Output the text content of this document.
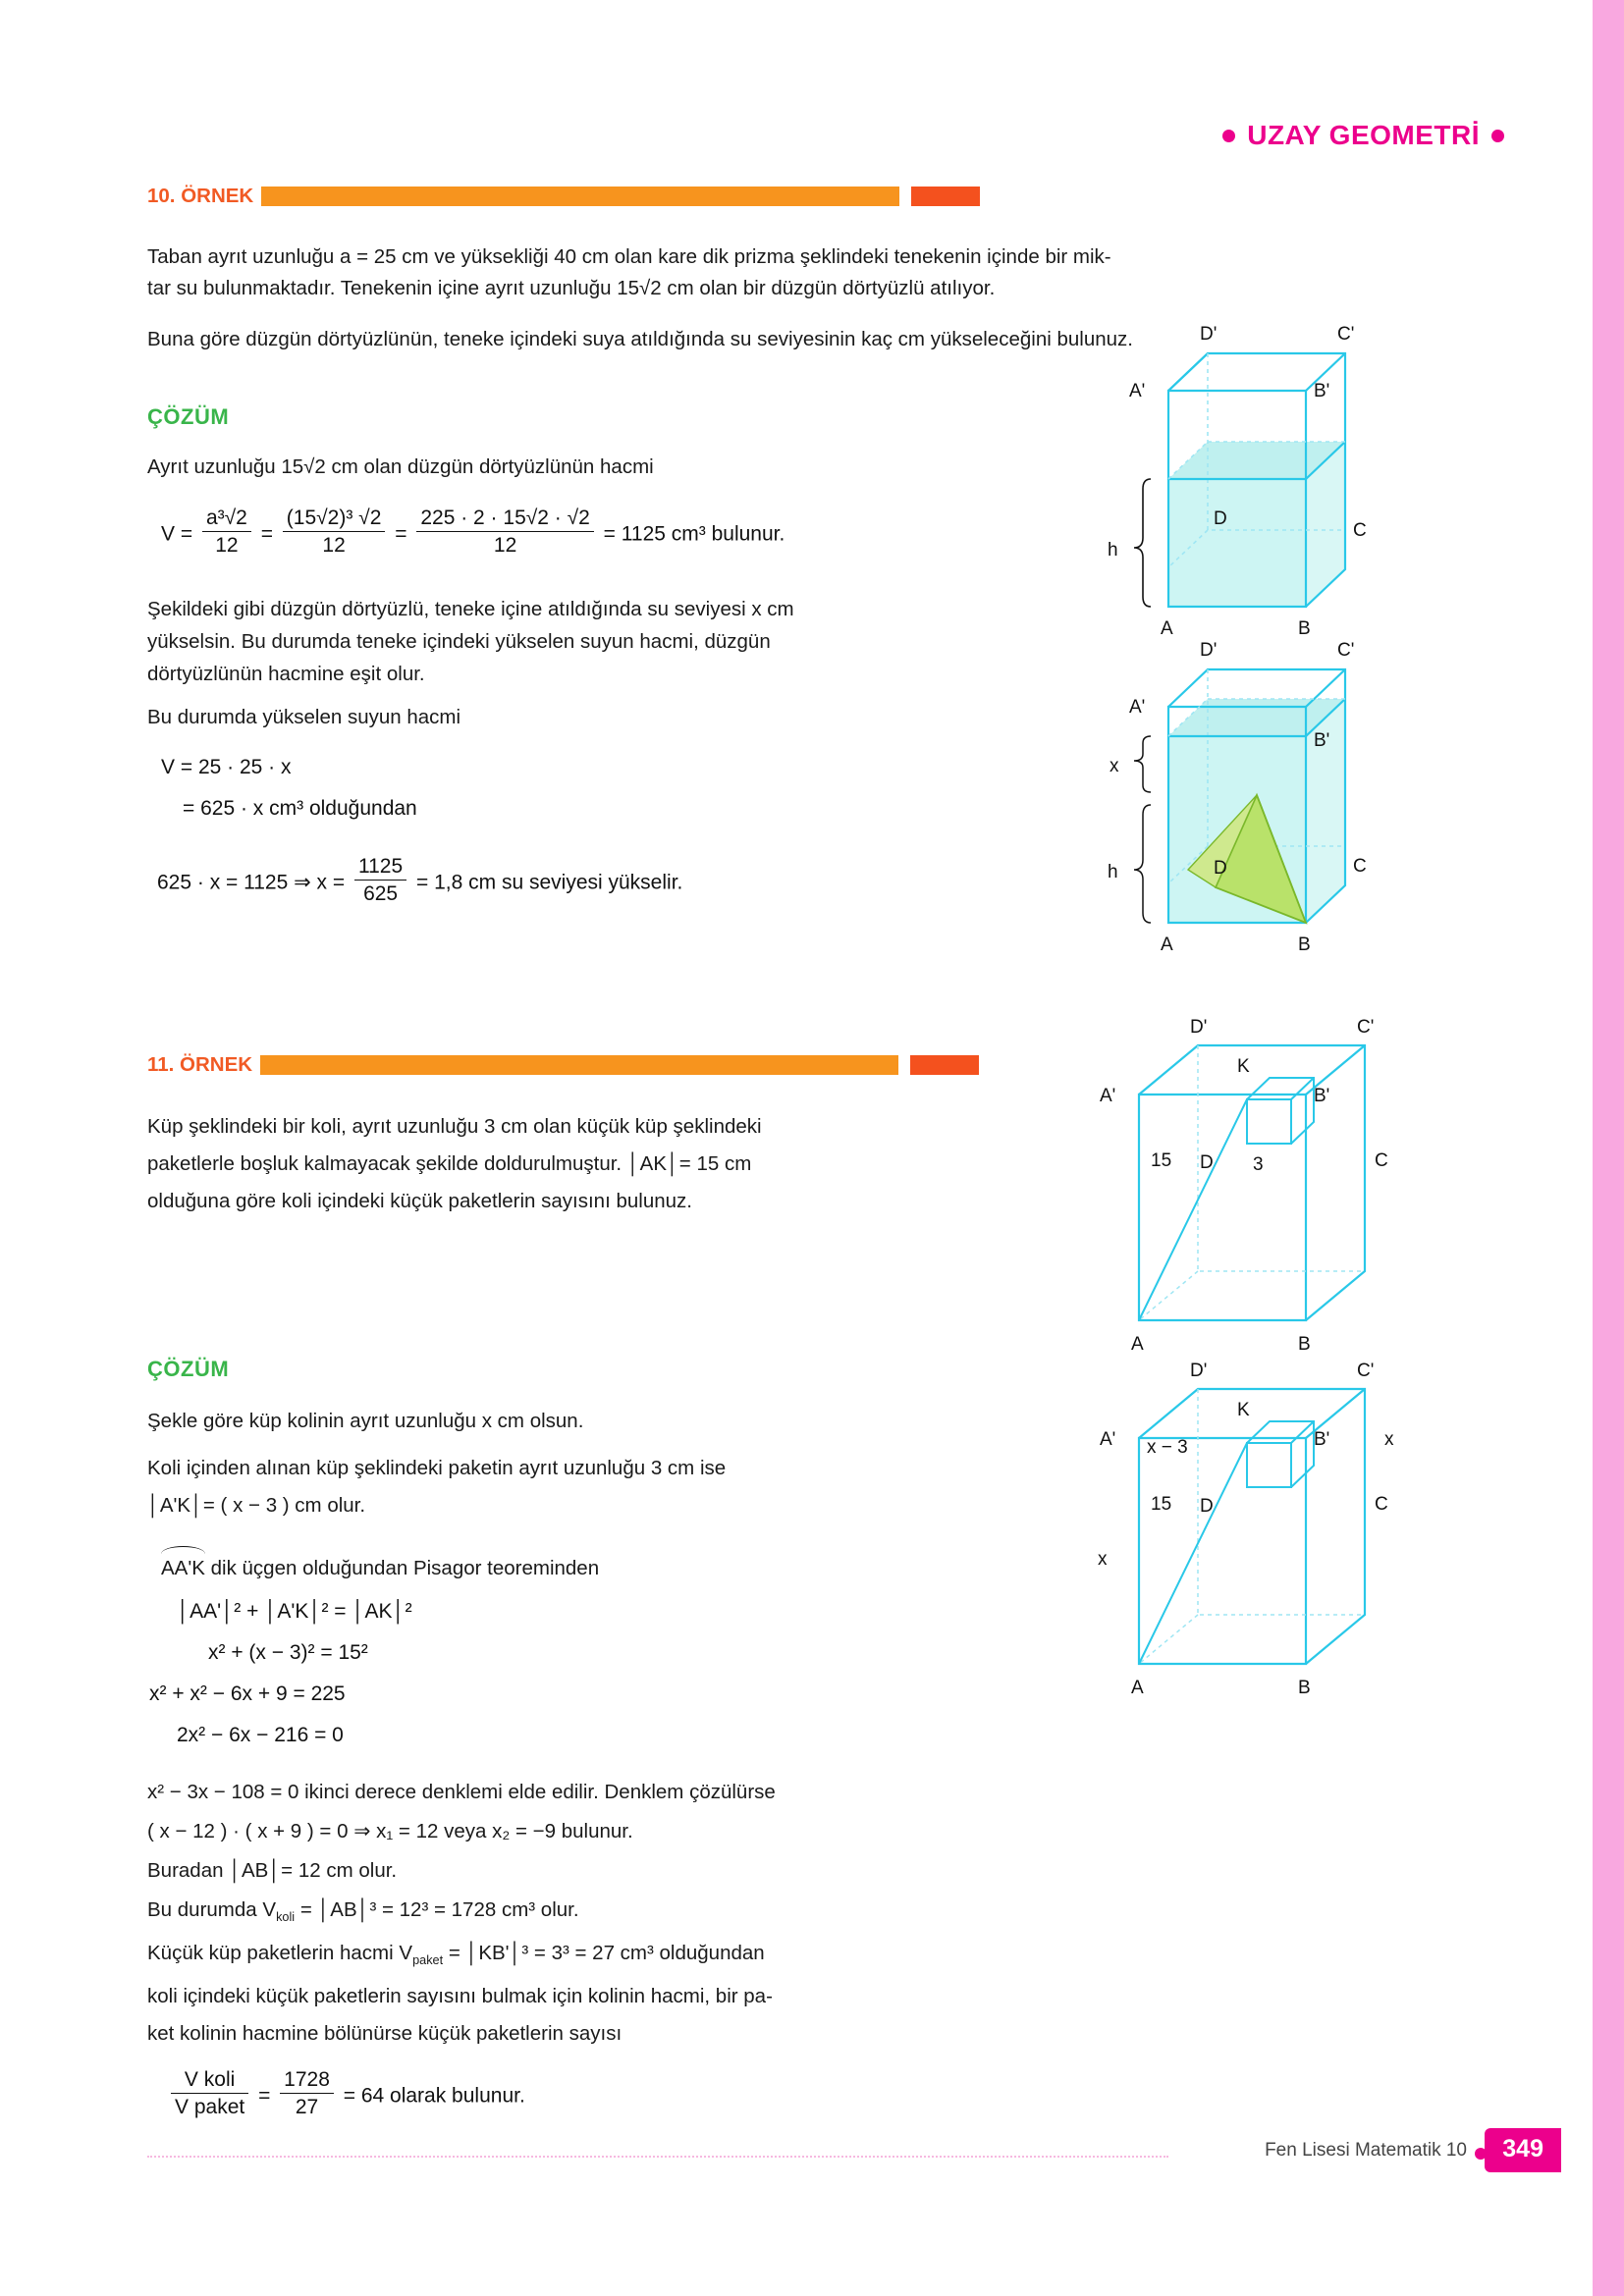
UZAY GEOMETRİ
10. ÖRNEK
Taban ayrıt uzunluğu a = 25 cm ve yüksekliği 40 cm olan kare dik prizma şeklindeki tenekenin içinde bir mik-
tar su bulunmaktadır. Tenekenin içine ayrıt uzunluğu 15√2 cm olan bir düzgün dörtyüzlü atılıyor.
Buna göre düzgün dörtyüzlünün, teneke içindeki suya atıldığında su seviyesinin kaç cm yükseleceğini bulunuz.
ÇÖZÜM
Ayrıt uzunluğu 15√2 cm olan düzgün dörtyüzlünün hacmi
$V = \frac{\text{a³√2}}{12} = \frac{\text{(15√2)³ √2}}{12} = \frac{225 \cdot 2 \cdot 15√2 \cdot √2}{12} = 1125$ cm³ bulunur.
Şekildeki gibi düzgün dörtyüzlü, teneke içine atıldığında su seviyesi x cm
yükselsin. Bu durumda teneke içindeki yükselen suyun hacmi, düzgün
dörtyüzlünün hacmine eşit olur.
Bu durumda yükselen suyun hacmi
V = 25 · 25 · x
= 625 · x cm³ olduğundan
625 · x = 1125 ⇒ $x = \frac{1125}{625} = 1,8$ cm su seviyesi yükselir.
h
D'	C'
A'	B'
D
C
A	B
x
h
D'	C'
A'
B'
D	C
A	B
11. ÖRNEK
Küp şeklindeki bir koli, ayrıt uzunluğu 3 cm olan küçük küp şeklindeki
paketlerle boşluk kalmayacak şekilde doldurulmuştur. │AK│= 15 cm
olduğuna göre koli içindeki küçük paketlerin sayısını bulunuz.
D'	C'
A'	B'
K
D	C
A	B
15	3
ÇÖZÜM
Şekle göre küp kolinin ayrıt uzunluğu x cm olsun.
Koli içinden alınan küp şeklindeki paketin ayrıt uzunluğu 3 cm ise
│A'K│= ( x − 3 ) cm olur.
AA'K dik üçgen olduğundan Pisagor teoreminden
│AA'│² + │A'K│² = │AK│²
x² + (x − 3)² = 15²
x² + x² − 6x + 9 = 225
2x² − 6x − 216 = 0
x² − 3x − 108 = 0 ikinci derece denklemi elde edilir. Denklem çözülürse
( x − 12 ) · ( x + 9 ) = 0 ⇒ x₁ = 12 veya x₂ = −9 bulunur.
Buradan │AB│= 12 cm olur.
Bu durumda $V_{koli}$ = │AB│³ = 12³ = 1728 cm³ olur.
Küçük küp paketlerin hacmi $V_{paket}$ = │KB'│³ = 3³ = 27 cm³ olduğundan
koli içindeki küçük paketlerin sayısını bulmak için kolinin hacmi, bir pa-
ket kolinin hacmine bölünürse küçük paketlerin sayısı
$\frac{\text{V koli}}{\text{V paket}} = \frac{1728}{27} = 64$ olarak bulunur.
D'	C'
A'	B'
K
D	C
A	B
x − 3
15
x
x
Fen Lisesi Matematik 10	349
